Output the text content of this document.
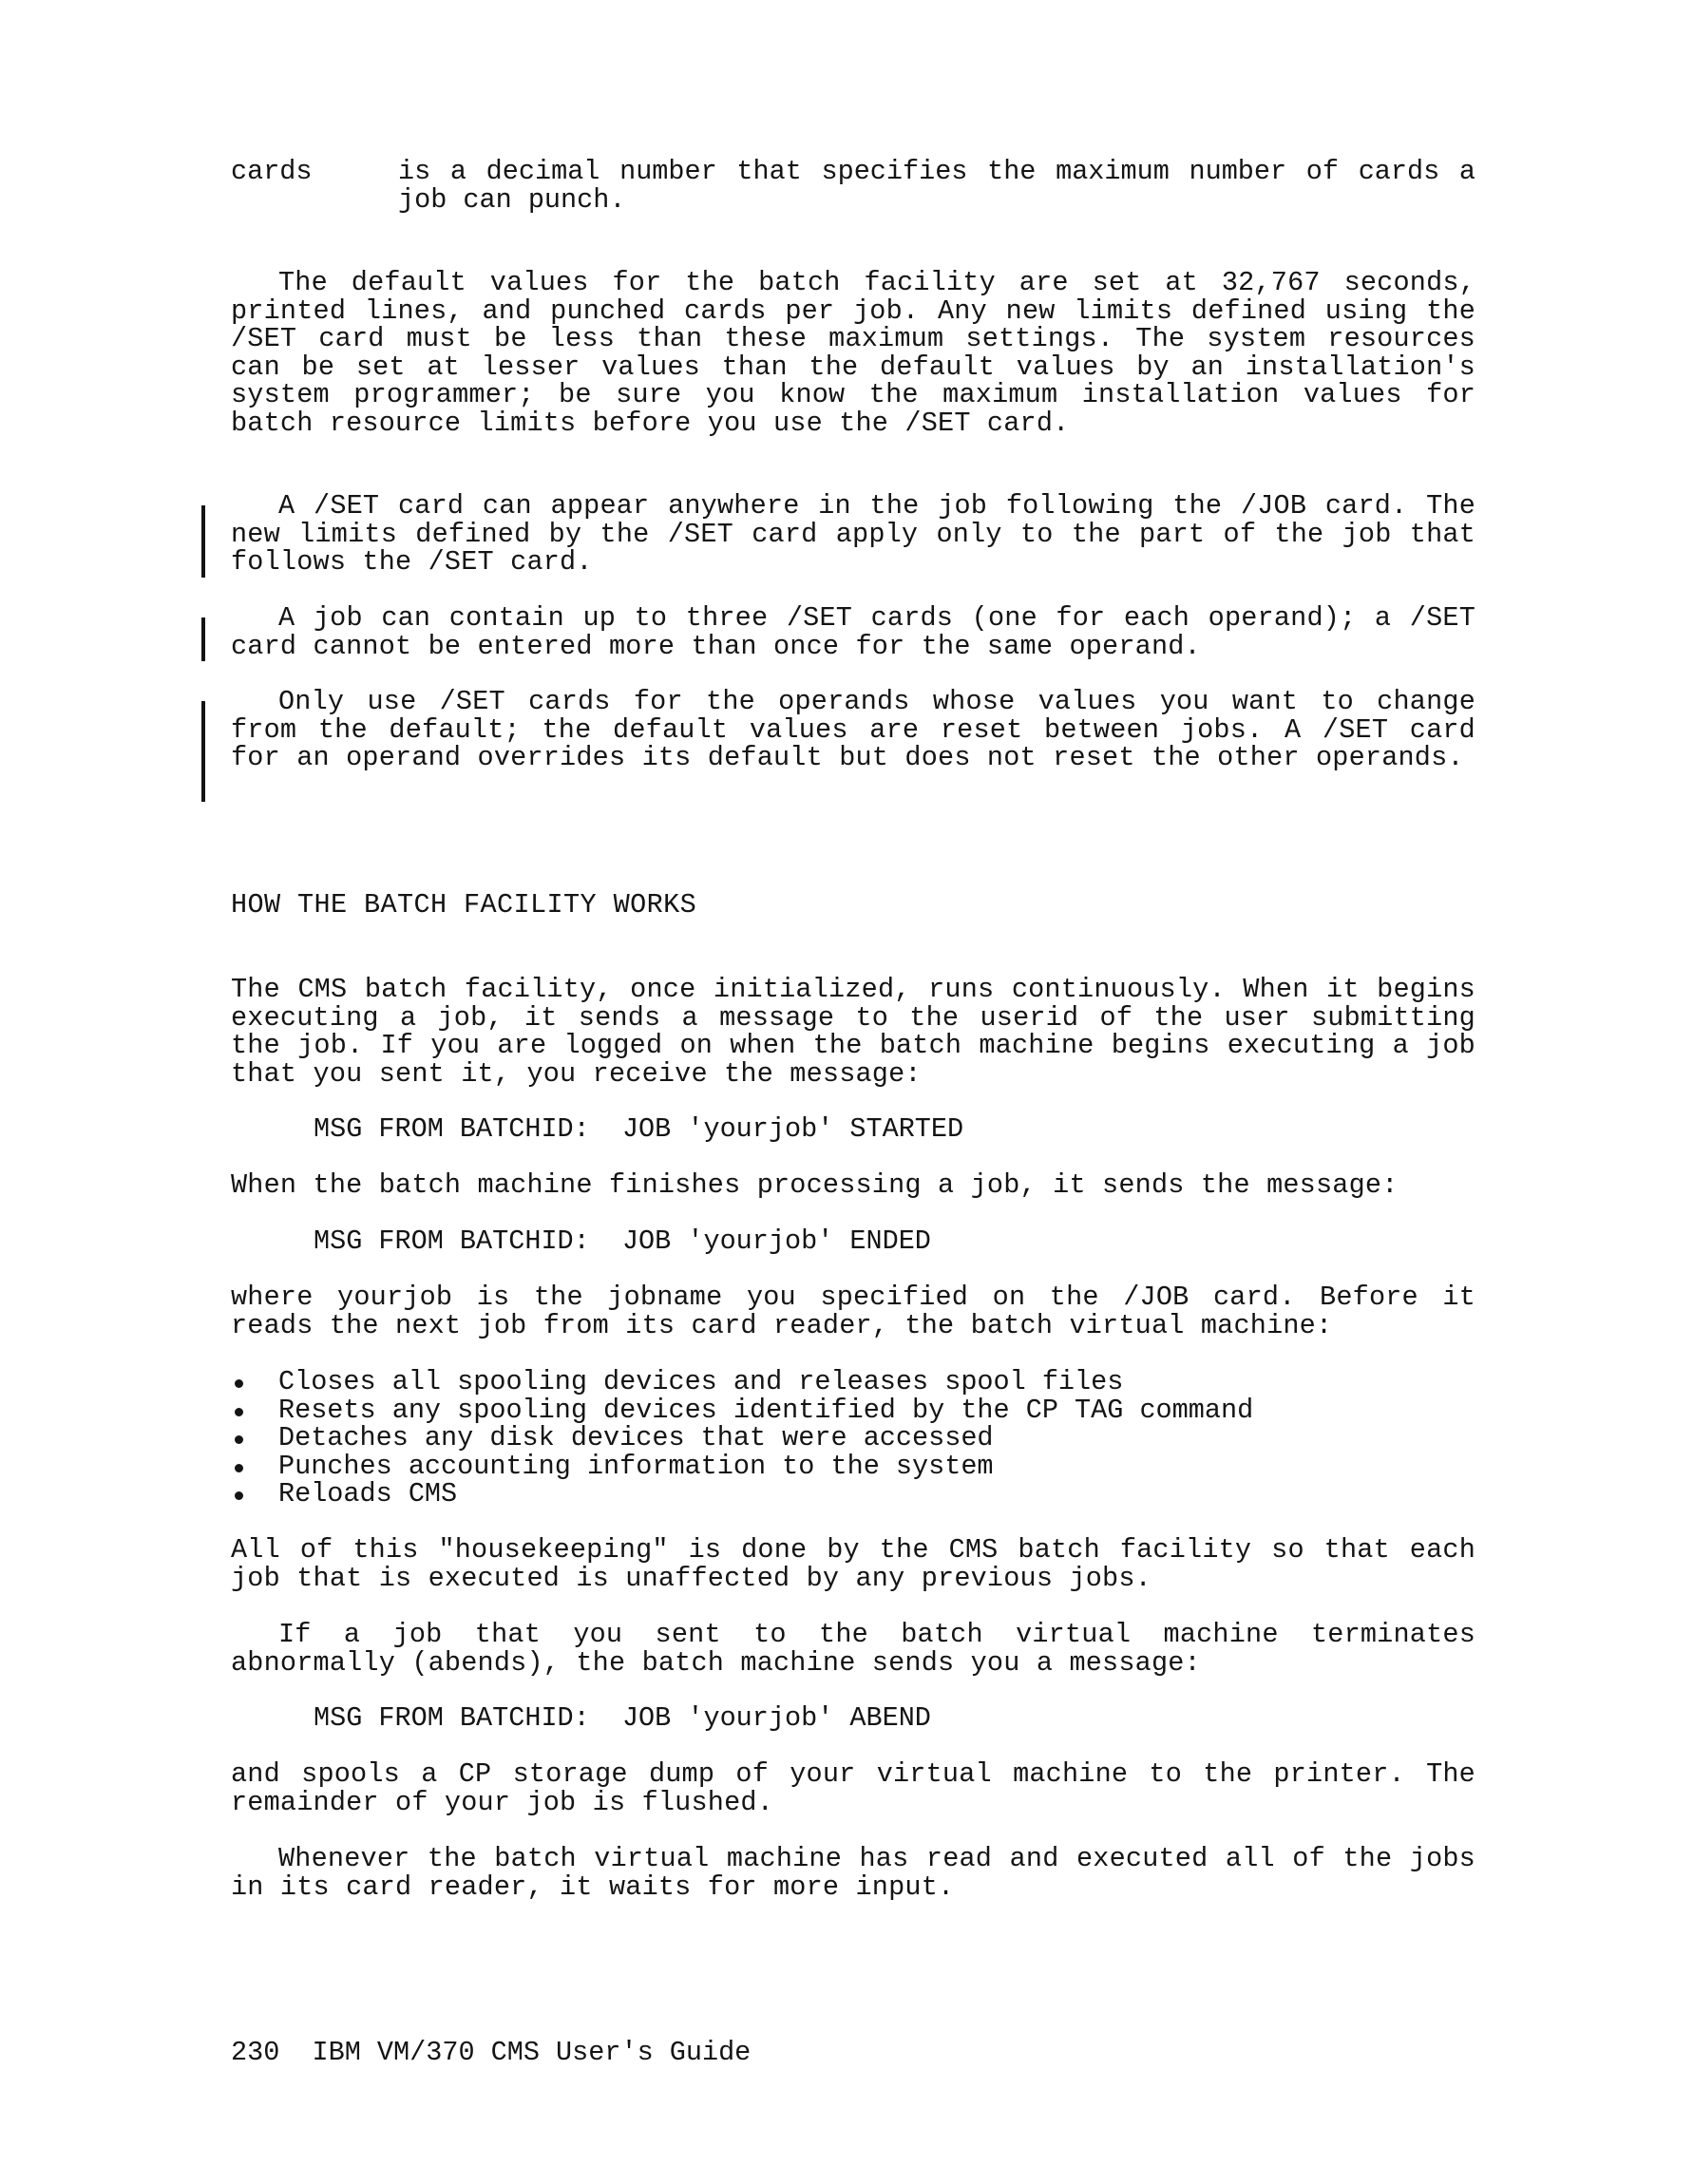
cards	is a decimal number that specifies the maximum number of cards a job can punch.

The default values for the batch facility are set at 32,767 seconds, printed lines, and punched cards per job. Any new limits defined using the /SET card must be less than these maximum settings. The system resources can be set at lesser values than the default values by an installation's system programmer; be sure you know the maximum installation values for batch resource limits before you use the /SET card.

A /SET card can appear anywhere in the job following the /JOB card. The new limits defined by the /SET card apply only to the part of the job that follows the /SET card.

A job can contain up to three /SET cards (one for each operand); a /SET card cannot be entered more than once for the same operand.

Only use /SET cards for the operands whose values you want to change from the default; the default values are reset between jobs. A /SET card for an operand overrides its default but does not reset the other operands.

HOW THE BATCH FACILITY WORKS

The CMS batch facility, once initialized, runs continuously. When it begins executing a job, it sends a message to the userid of the user submitting the job. If you are logged on when the batch machine begins executing a job that you sent it, you receive the message:

MSG FROM BATCHID:  JOB 'yourjob' STARTED

When the batch machine finishes processing a job, it sends the message:

MSG FROM BATCHID:  JOB 'yourjob' ENDED

where yourjob is the jobname you specified on the /JOB card. Before it reads the next job from its card reader, the batch virtual machine:

Closes all spooling devices and releases spool files
Resets any spooling devices identified by the CP TAG command
Detaches any disk devices that were accessed
Punches accounting information to the system
Reloads CMS

All of this "housekeeping" is done by the CMS batch facility so that each job that is executed is unaffected by any previous jobs.

If a job that you sent to the batch virtual machine terminates abnormally (abends), the batch machine sends you a message:

MSG FROM BATCHID:  JOB 'yourjob' ABEND

and spools a CP storage dump of your virtual machine to the printer. The remainder of your job is flushed.

Whenever the batch virtual machine has read and executed all of the jobs in its card reader, it waits for more input.

230  IBM VM/370 CMS User's Guide
